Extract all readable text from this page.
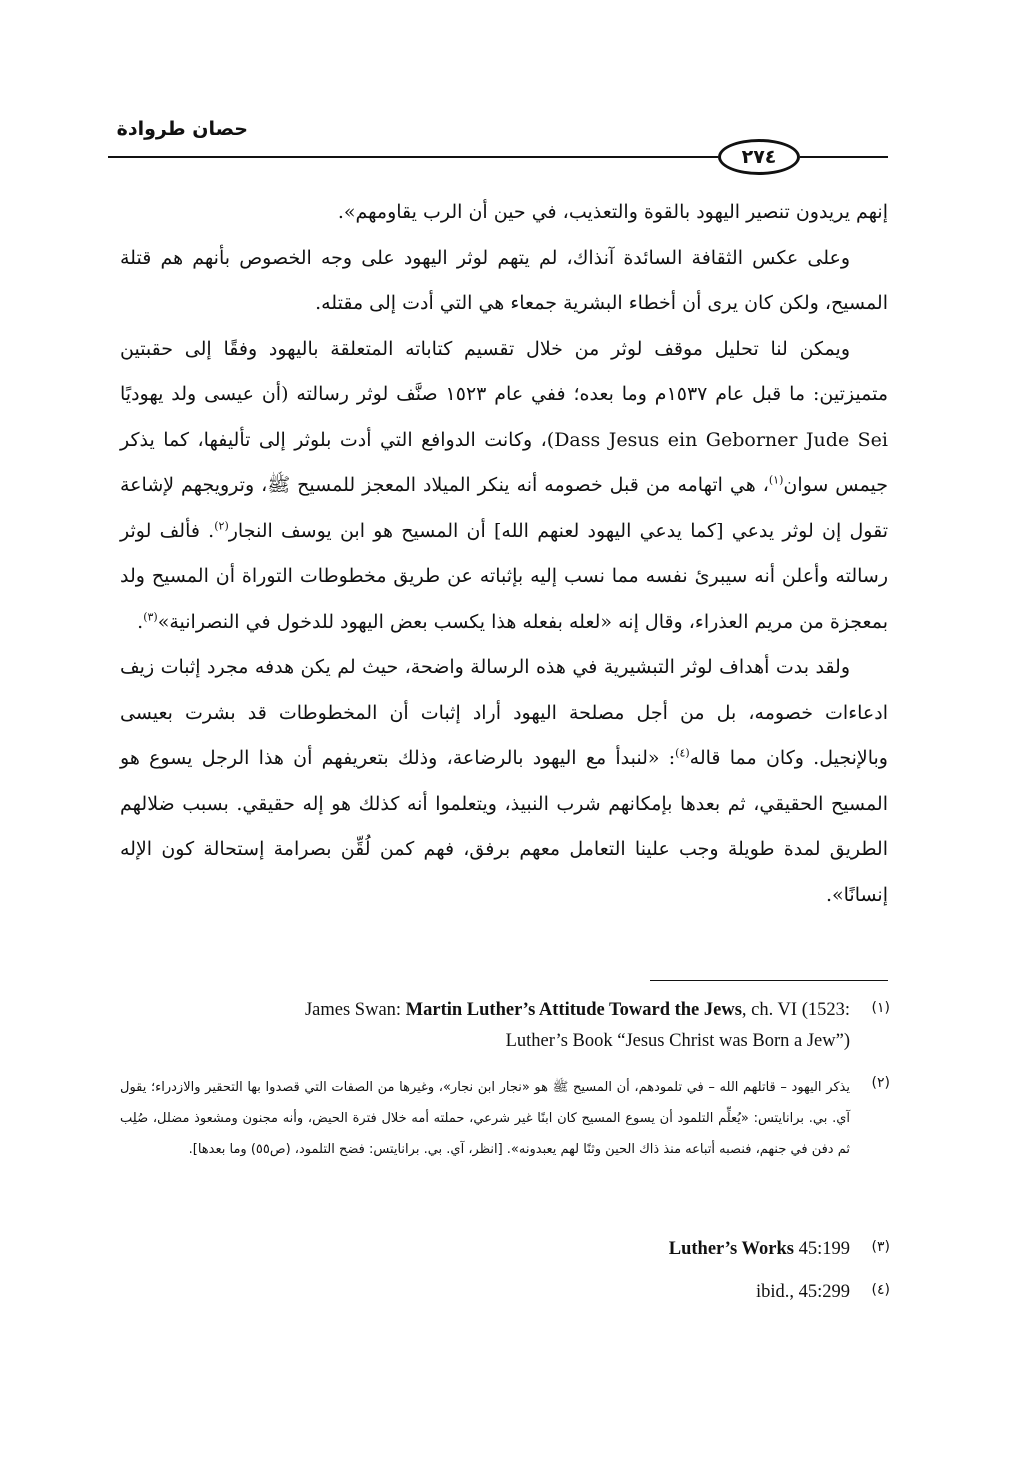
حصان طروادة
٢٧٤

إنهم يريدون تنصير اليهود بالقوة والتعذيب، في حين أن الرب يقاومهم».

وعلى عكس الثقافة السائدة آنذاك، لم يتهم لوثر اليهود على وجه الخصوص بأنهم هم قتلة المسيح، ولكن كان يرى أن أخطاء البشرية جمعاء هي التي أدت إلى مقتله.

ويمكن لنا تحليل موقف لوثر من خلال تقسيم كتاباته المتعلقة باليهود وفقًا إلى حقبتين متميزتين: ما قبل عام ١٥٣٧م وما بعده؛ ففي عام ١٥٢٣ صنَّف لوثر رسالته (أن عيسى ولد يهوديًا Dass Jesus ein Geborner Jude Sei)، وكانت الدوافع التي أدت بلوثر إلى تأليفها، كما يذكر جيمس سوان$^{(١)}$، هي اتهامه من قبل خصومه أنه ينكر الميلاد المعجز للمسيح ﷺ، وترويجهم لإشاعة تقول إن لوثر يدعي [كما يدعي اليهود لعنهم الله] أن المسيح هو ابن يوسف النجار$^{(٢)}$. فألف لوثر رسالته وأعلن أنه سيبرئ نفسه مما نسب إليه بإثباته عن طريق مخطوطات التوراة أن المسيح ولد بمعجزة من مريم العذراء، وقال إنه «لعله بفعله هذا يكسب بعض اليهود للدخول في النصرانية»$^{(٣)}$.

ولقد بدت أهداف لوثر التبشيرية في هذه الرسالة واضحة، حيث لم يكن هدفه مجرد إثبات زيف ادعاءات خصومه، بل من أجل مصلحة اليهود أراد إثبات أن المخطوطات قد بشرت بعيسى وبالإنجيل. وكان مما قاله$^{(٤)}$: «لنبدأ مع اليهود بالرضاعة، وذلك بتعريفهم أن هذا الرجل يسوع هو المسيح الحقيقي، ثم بعدها بإمكانهم شرب النبيذ، ويتعلموا أنه كذلك هو إله حقيقي. بسبب ضلالهم الطريق لمدة طويلة وجب علينا التعامل معهم برفق، فهم كمن لُقِّن بصرامة إستحالة كون الإله إنسانًا».

(١)
James Swan: Martin Luther’s Attitude Toward the Jews, ch. VI (1523:
Luther’s Book “Jesus Christ was Born a Jew”)
(٢)
يذكر اليهود – قاتلهم الله – في تلمودهم، أن المسيح ﷺ هو «نجار ابن نجار»، وغيرها من الصفات التي قصدوا بها التحقير والازدراء؛ يقول آي. بي. برانايتس: «يُعلِّم التلمود أن يسوع المسيح كان ابنًا غير شرعي، حملته أمه خلال فترة الحيض، وأنه مجنون ومشعوذ مضلل، صُلِب ثم دفن في جنهم، فنصبه أتباعه منذ ذاك الحين وثنًا لهم يعبدونه». [انظر، آي. بي. برانايتس: فضح التلمود، (ص٥٥) وما بعدها].
(٣)
Luther’s Works 45:199
(٤)
ibid., 45:299
